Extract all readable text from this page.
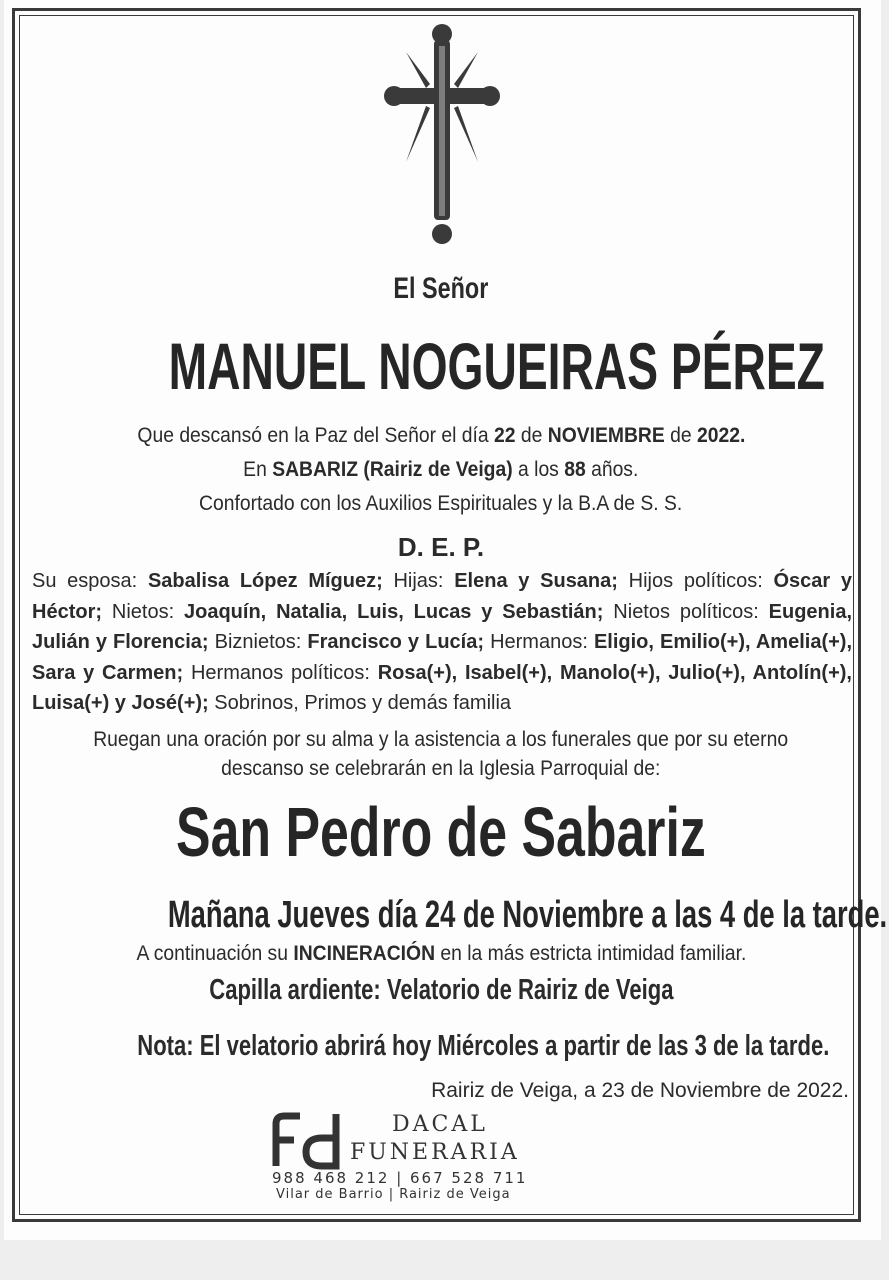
El Señor
MANUEL NOGUEIRAS PÉREZ
Que descansó en la Paz del Señor el día 22 de NOVIEMBRE de 2022.
En SABARIZ (Rairiz de Veiga) a los 88 años.
Confortado con los Auxilios Espirituales y la B.A de S. S.
D. E. P.
Su esposa: Sabalisa López Míguez; Hijas: Elena y Susana; Hijos políticos: Óscar y Héctor; Nietos: Joaquín, Natalia, Luis, Lucas y Sebastián; Nietos políticos: Eugenia, Julián y Florencia; Biznietos: Francisco y Lucía; Hermanos: Eligio, Emilio(+), Amelia(+), Sara y Carmen; Hermanos políticos: Rosa(+), Isabel(+), Manolo(+), Julio(+), Antolín(+), Luisa(+) y José(+); Sobrinos, Primos y demás familia
Ruegan una oración por su alma y la asistencia a los funerales que por su eterno
descanso se celebrarán en la Iglesia Parroquial de:
San Pedro de Sabariz
Mañana Jueves día 24 de Noviembre a las 4 de la tarde.
A continuación su INCINERACIÓN en la más estricta intimidad familiar.
Capilla ardiente: Velatorio de Rairiz de Veiga
Nota: El velatorio abrirá hoy Miércoles a partir de las 3 de la tarde.
Rairiz de Veiga, a 23 de Noviembre de 2022.
DACAL
FUNERARIA
988 468 212 | 667 528 711
Vilar de Barrio | Rairiz de Veiga
